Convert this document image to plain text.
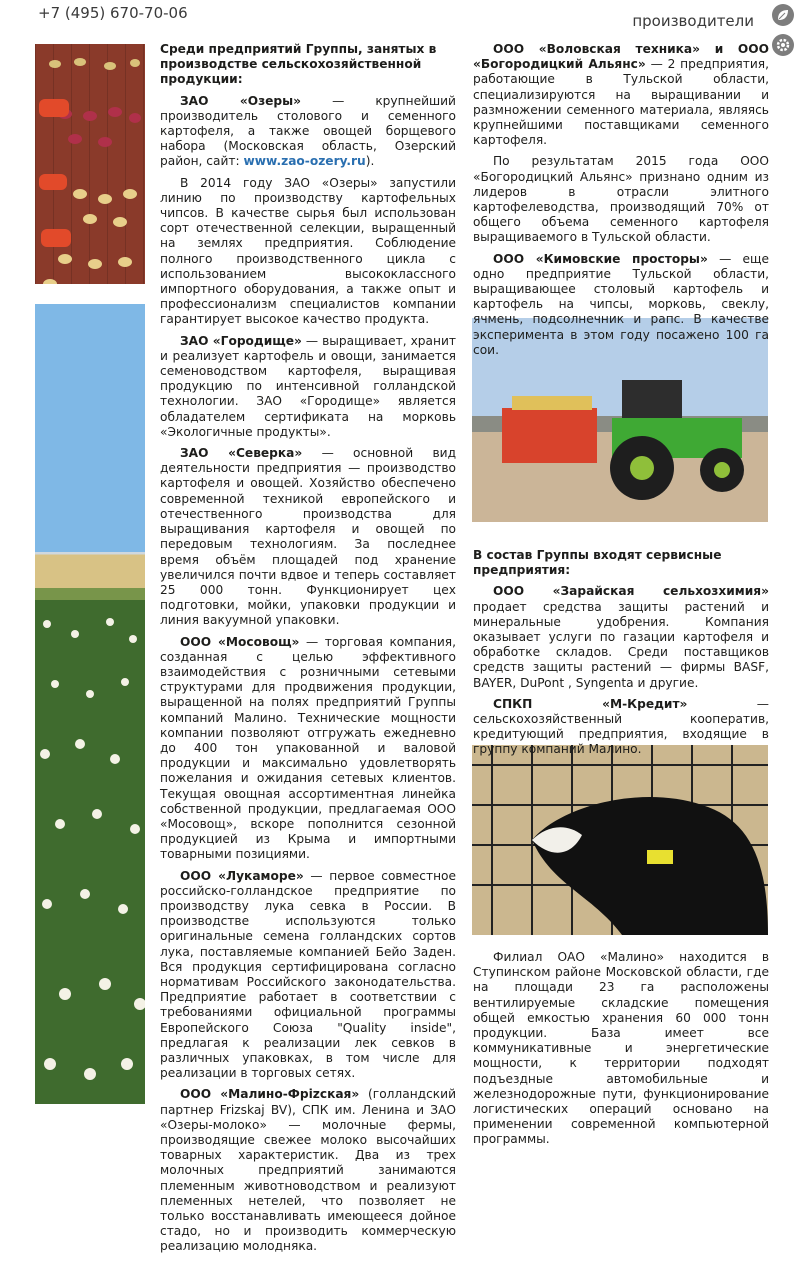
+7 (495) 670-70-06	производители

Среди предприятий Группы, занятых в производстве сельскохозяйственной продукции:

ЗАО «Озеры» — крупнейший производитель столового и семенного картофеля, а также овощей борщевого набора (Московская область, Озерский район, сайт: www.zao-ozery.ru).

В 2014 году ЗАО «Озеры» запустили линию по производству картофельных чипсов. В качестве сырья был использован сорт отечественной селекции, выращенный на землях предприятия. Соблюдение полного производственного цикла с использованием высококлассного импортного оборудования, а также опыт и профессионализм специалистов компании гарантирует высокое качество продукта.

ЗАО «Городище» — выращивает, хранит и реализует картофель и овощи, занимается семеноводством картофеля, выращивая продукцию по интенсивной голландской технологии. ЗАО «Городище» является обладателем сертификата на морковь «Экологичные продукты».

ЗАО «Северка» — основной вид деятельности предприятия — производство картофеля и овощей. Хозяйство обеспечено современной техникой европейского и отечественного производства для выращивания картофеля и овощей по передовым технологиям. За последнее время объём площадей под хранение увеличился почти вдвое и теперь составляет 25 000 тонн. Функционирует цех подготовки, мойки, упаковки продукции и линия вакуумной упаковки.

ООО «Мосовощ» — торговая компания, созданная с целью эффективного взаимодействия с розничными сетевыми структурами для продвижения продукции, выращенной на полях предприятий Группы компаний Малино. Технические мощности компании позволяют отгружать ежедневно до 400 тон упакованной и валовой продукции и максимально удовлетворять пожелания и ожидания сетевых клиентов. Текущая овощная ассортиментная линейка собственной продукции, предлагаемая ООО «Мосовощ», вскоре пополнится сезонной продукцией из Крыма и импортными товарными позициями.

ООО «Лукаморе» — первое совместное российско-голландское предприятие по производству лука севка в России. В производстве используются только оригинальные семена голландских сортов лука, поставляемые компанией Бейо Заден. Вся продукция сертифицирована согласно нормативам Российского законодательства. Предприятие работает в соответствии с требованиями официальной программы Европейского Союза "Quality inside", предлагая к реализации лек севков в различных упаковках, в том числе для реализации в торговых сетях.

ООО «Малино-Фрizская» (голландский партнер Frizskaj BV), СПК им. Ленина и ЗАО «Озеры-молоко» — молочные фермы, производящие свежее молоко высочайших товарных характеристик. Два из трех молочных предприятий занимаются племенным животноводством и реализуют племенных нетелей, что позволяет не только восстанавливать имеющееся дойное стадо, но и производить коммерческую реализацию молодняка.

ООО «Воловская техника» и ООО «Богородицкий Альянс» — 2 предприятия, работающие в Тульской области, специализируются на выращивании и размножении семенного материала, являясь крупнейшими поставщиками семенного картофеля.

По результатам 2015 года ООО «Богородицкий Альянс» признано одним из лидеров в отрасли элитного картофелеводства, производящий 70% от общего объема семенного картофеля выращиваемого в Тульской области.

ООО «Кимовские просторы» — еще одно предприятие Тульской области, выращивающее столовый картофель и картофель на чипсы, морковь, свеклу, ячмень, подсолнечник и рапс. В качестве эксперимента в этом году посажено 100 га сои.

В состав Группы входят сервисные предприятия:

ООО «Зарайская сельхозхимия» продает средства защиты растений и минеральные удобрения. Компания оказывает услуги по газации картофеля и обработке складов. Среди поставщиков средств защиты растений — фирмы BASF, BAYER, DuPont , Syngenta и другие.

СПКП «М-Кредит» — сельскохозяйственный кооператив, кредитующий предприятия, входящие в группу компаний Малино.

Филиал ОАО «Малино» находится в Ступинском районе Московской области, где на площади 23 га расположены вентилируемые складские помещения общей емкостью хранения 60 000 тонн продукции. База имеет все коммуникативные и энергетические мощности, к территории подходят подъездные автомобильные и железнодорожные пути, функционирование логистических операций основано на применении современной компьютерной программы.
